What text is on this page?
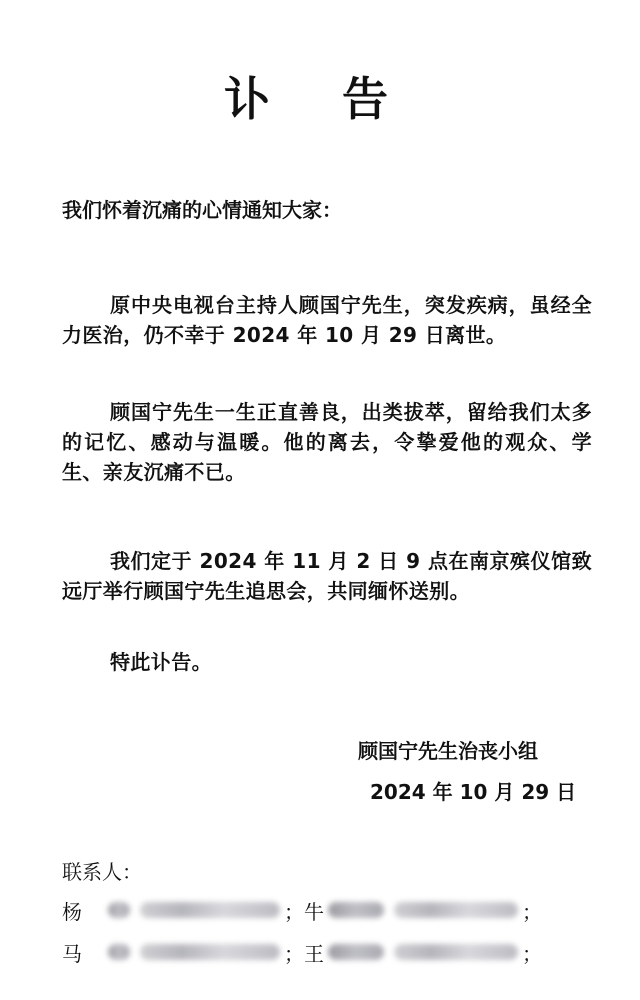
讣 告
我们怀着沉痛的心情通知大家：
原中央电视台主持人顾国宁先生，突发疾病，虽经全力医治，仍不幸于 2024 年 10 月 29 日离世。
顾国宁先生一生正直善良，出类拔萃，留给我们太多的记忆、感动与温暖。他的离去，令挚爱他的观众、学生、亲友沉痛不已。
我们定于 2024 年 11 月 2 日 9 点在南京殡仪馆致远厅举行顾国宁先生追思会，共同缅怀送别。
特此讣告。
顾国宁先生治丧小组
2024 年 10 月 29 日
联系人：
杨	； 牛	；
马	； 王	；
